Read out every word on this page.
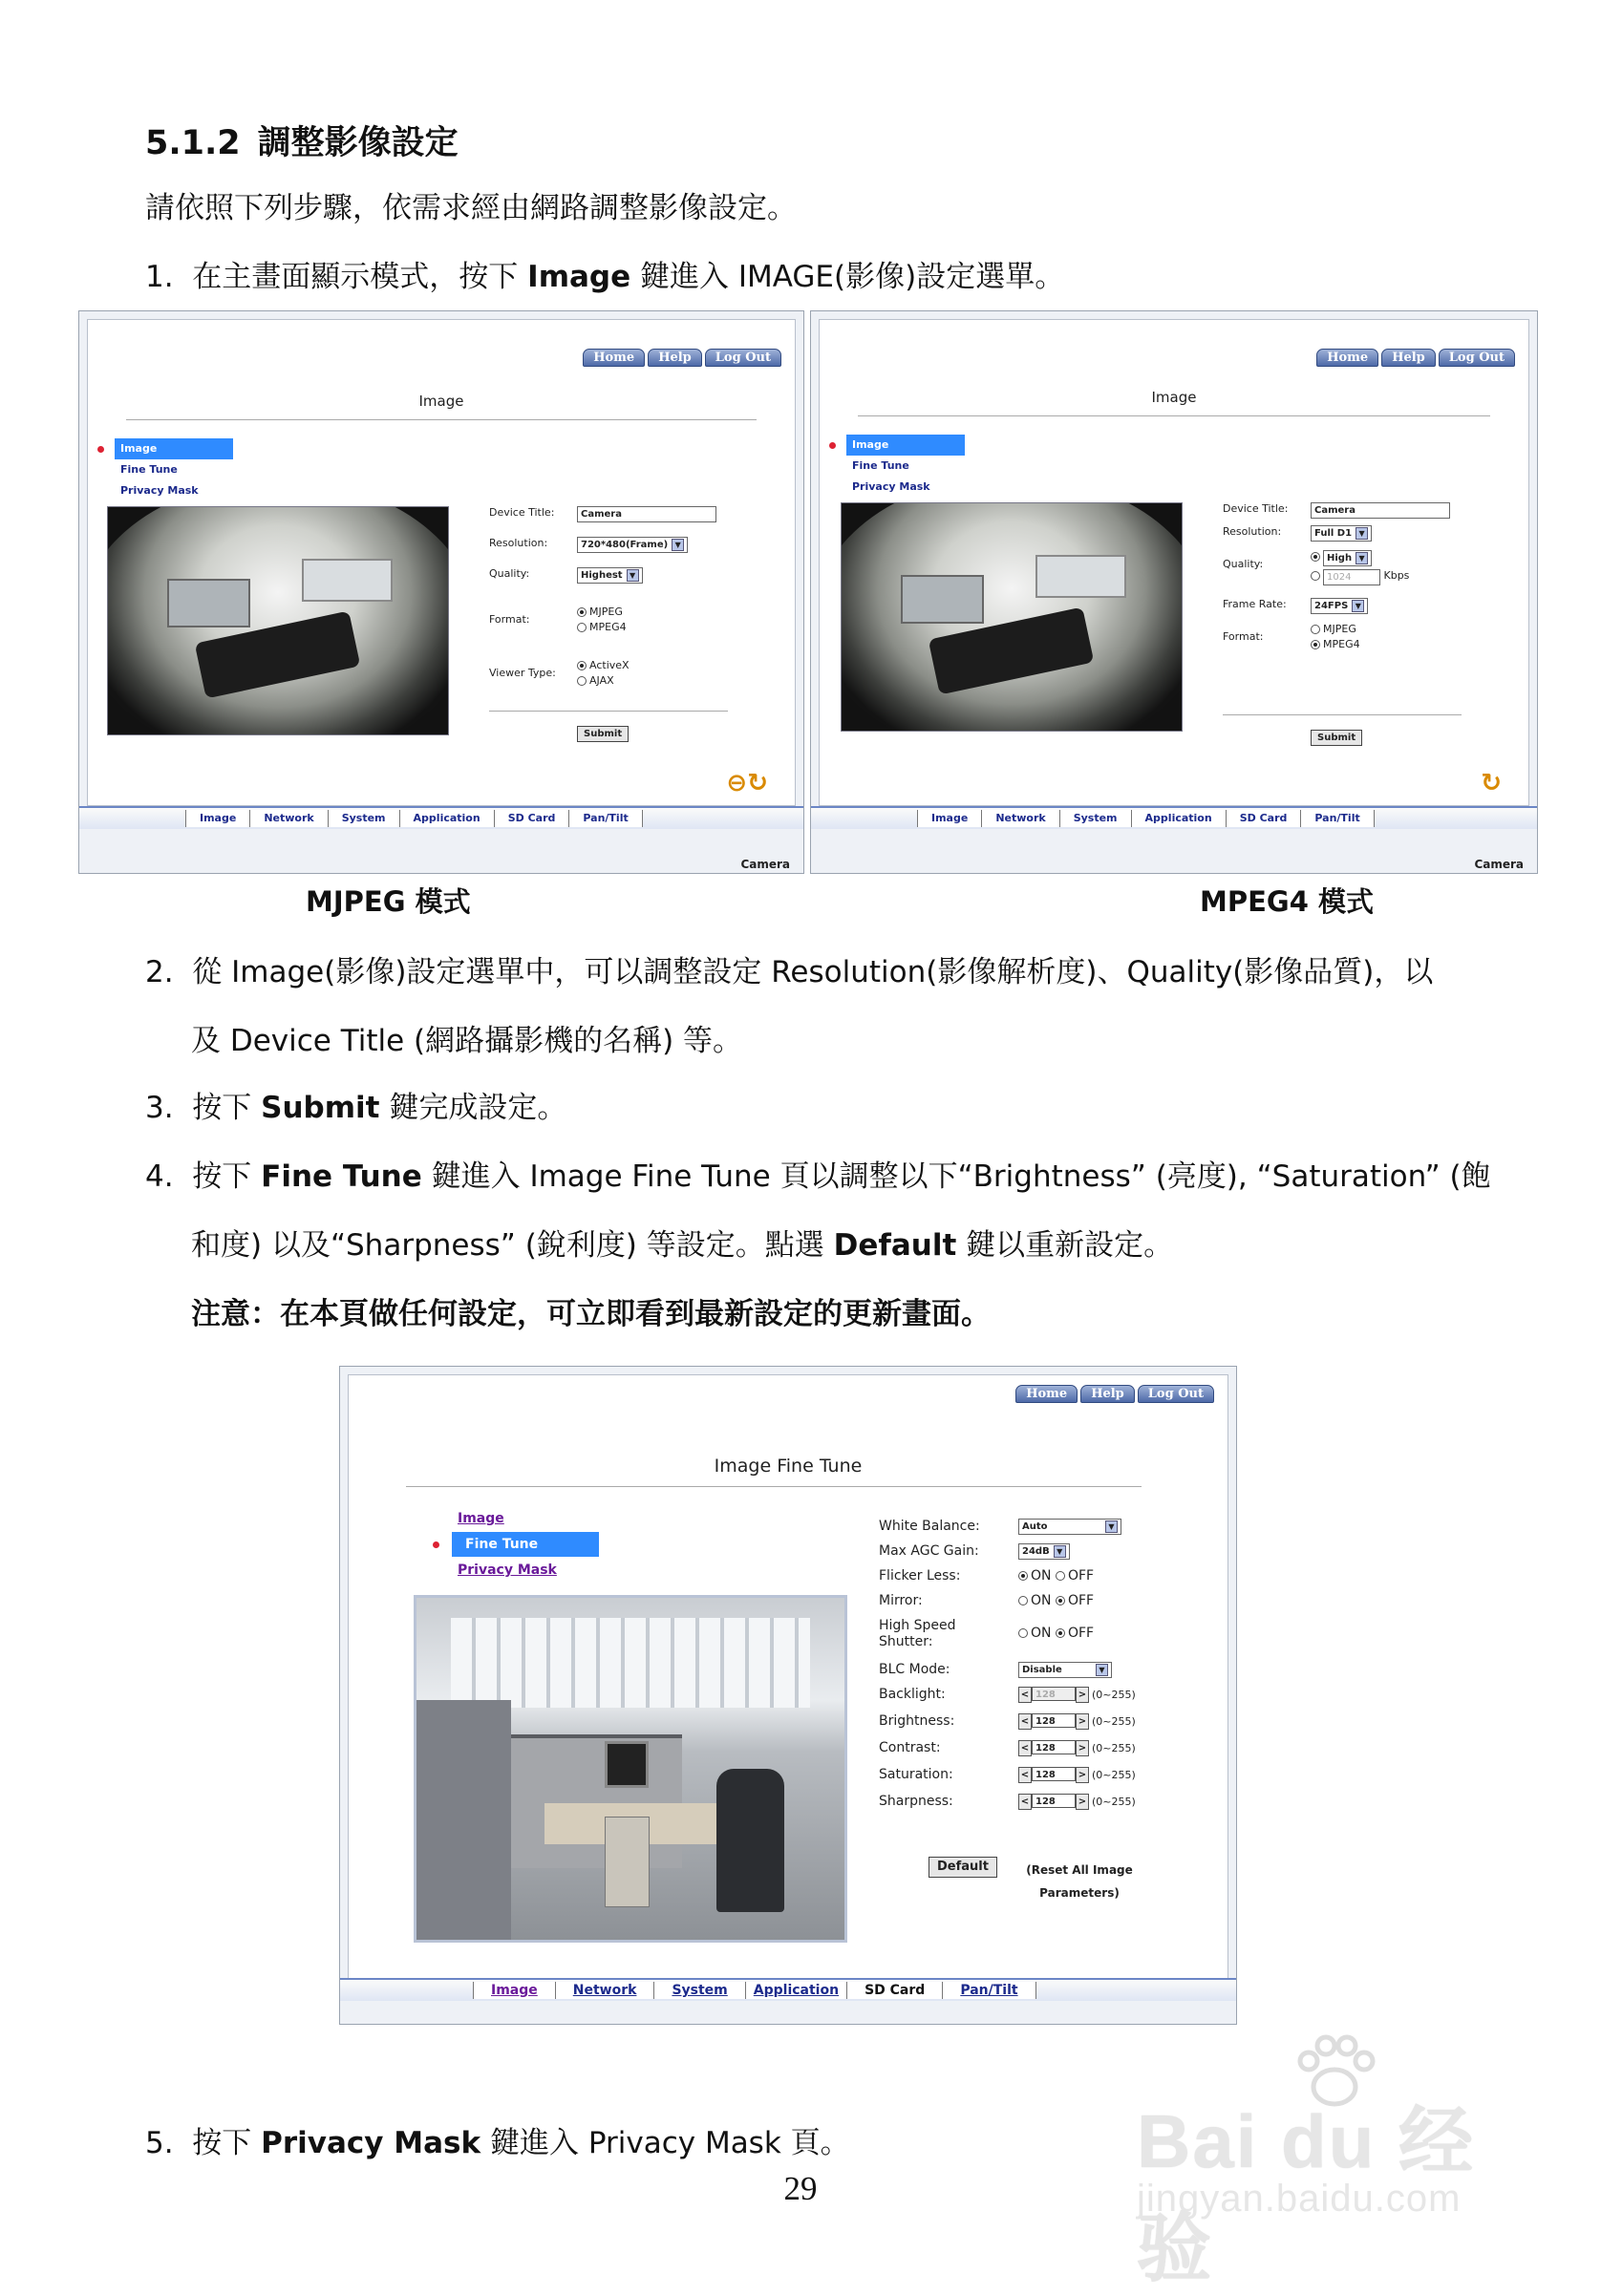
5.1.2 調整影像設定
請依照下列步驟，依需求經由網路調整影像設定。
1. 在主畫面顯示模式，按下 Image 鍵進入 IMAGE(影像)設定選單。
Home	Help	Log Out
Image
Image
Fine Tune
Privacy Mask
Device Title:	Camera
Resolution:	720*480(Frame) ▼
Quality:	Highest ▼
Format:
MJPEG
MPEG4
Viewer Type:
ActiveX
AJAX
Submit
⊖↻
Image	Network	System	Application	SD Card	Pan/Tilt
Camera
Home	Help	Log Out
Image
Image
Fine Tune
Privacy Mask
Device Title:	Camera
Resolution:	Full D1 ▼
Quality:	High ▼
1024	Kbps
Frame Rate:	24FPS ▼
Format:
MJPEG
MPEG4
Submit
↻
Image	Network	System	Application	SD Card	Pan/Tilt
Camera
MJPEG 模式	MPEG4 模式
2. 從 Image(影像)設定選單中，可以調整設定 Resolution(影像解析度)、Quality(影像品質)，以
及 Device Title (網路攝影機的名稱) 等。
3. 按下 Submit 鍵完成設定。
4. 按下 Fine Tune 鍵進入 Image Fine Tune 頁以調整以下“Brightness” (亮度), “Saturation” (飽
和度) 以及“Sharpness” (銳利度) 等設定。點選 Default 鍵以重新設定。
注意：在本頁做任何設定，可立即看到最新設定的更新畫面。
Home	Help	Log Out
Image Fine Tune
Image
Fine Tune
Privacy Mask
White Balance:	Auto	▼
Max AGC Gain:	24dB ▼
Flicker Less:	ON OFF
Mirror:	ON OFF
High Speed Shutter:ON OFF
BLC Mode:	Disable	▼
Backlight:	< 128 > (0~255)
Brightness:	< 128 > (0~255)
Contrast:	< 128 > (0~255)
Saturation:	< 128 > (0~255)
Sharpness:	< 128 > (0~255)
Default	(Reset All Image Parameters)
Image	Network	System	Application	SD Card	Pan/Tilt
5. 按下 Privacy Mask 鍵進入 Privacy Mask 頁。
29
Bai du 经验
jingyan.baidu.com
